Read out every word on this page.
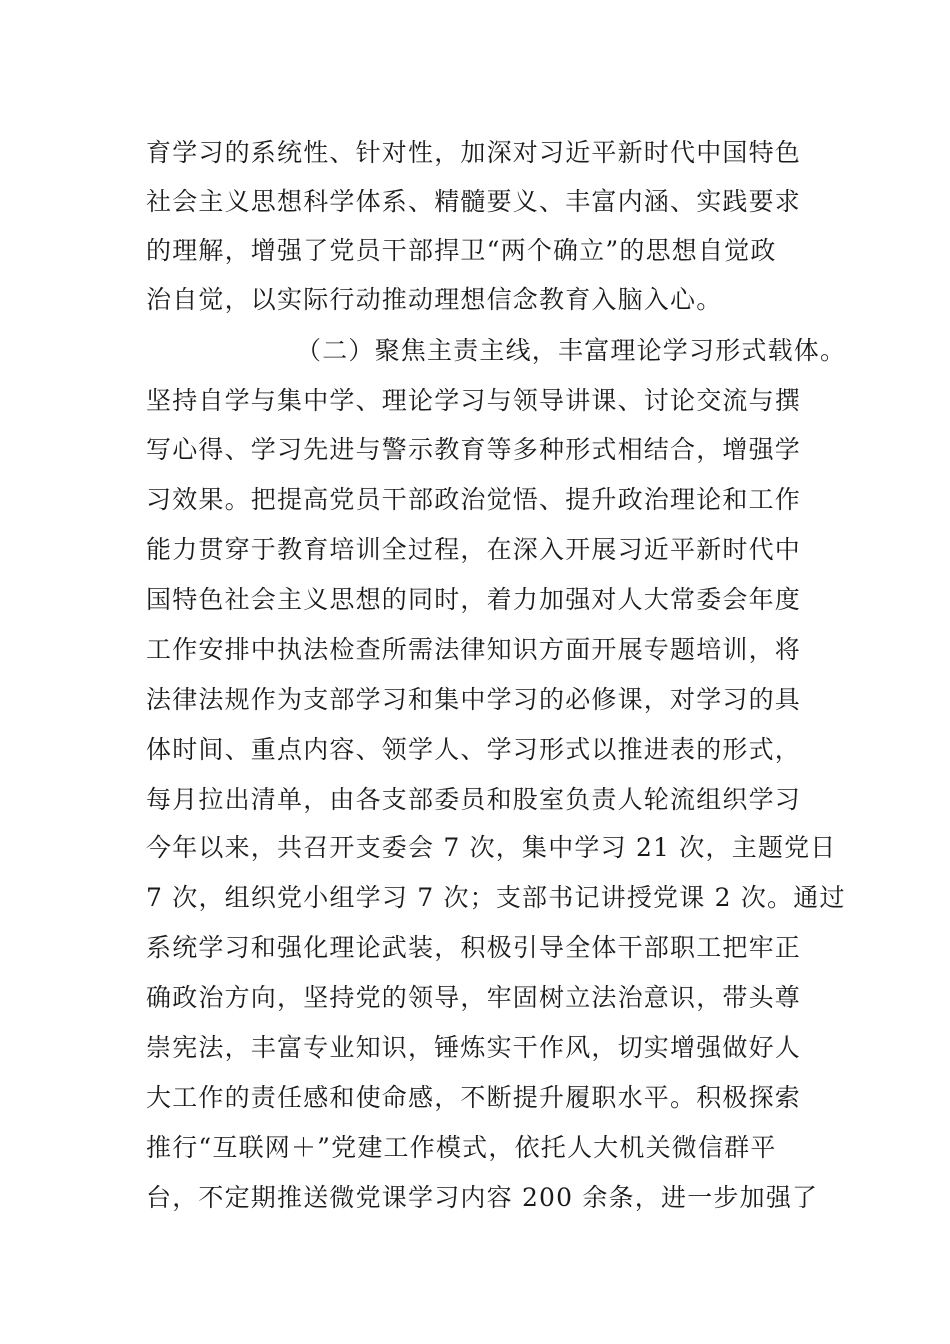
育学习的系统性、针对性，加深对习近平新时代中国特色
社会主义思想科学体系、精髓要义、丰富内涵、实践要求
的理解，增强了党员干部捍卫“两个确立”的思想自觉政
治自觉，以实际行动推动理想信念教育入脑入心。
（二）聚焦主责主线，丰富理论学习形式载体。
坚持自学与集中学、理论学习与领导讲课、讨论交流与撰
写心得、学习先进与警示教育等多种形式相结合，增强学
习效果。把提高党员干部政治觉悟、提升政治理论和工作
能力贯穿于教育培训全过程，在深入开展习近平新时代中
国特色社会主义思想的同时，着力加强对人大常委会年度
工作安排中执法检查所需法律知识方面开展专题培训，将
法律法规作为支部学习和集中学习的必修课，对学习的具
体时间、重点内容、领学人、学习形式以推进表的形式，
每月拉出清单，由各支部委员和股室负责人轮流组织学习
今年以来，共召开支委会 7 次，集中学习 21 次，主题党日
7 次，组织党小组学习 7 次；支部书记讲授党课 2 次。通过
系统学习和强化理论武装，积极引导全体干部职工把牢正
确政治方向，坚持党的领导，牢固树立法治意识，带头尊
崇宪法，丰富专业知识，锤炼实干作风，切实增强做好人
大工作的责任感和使命感，不断提升履职水平。积极探索
推行“互联网＋”党建工作模式，依托人大机关微信群平
台，不定期推送微党课学习内容 200 余条，进一步加强了
